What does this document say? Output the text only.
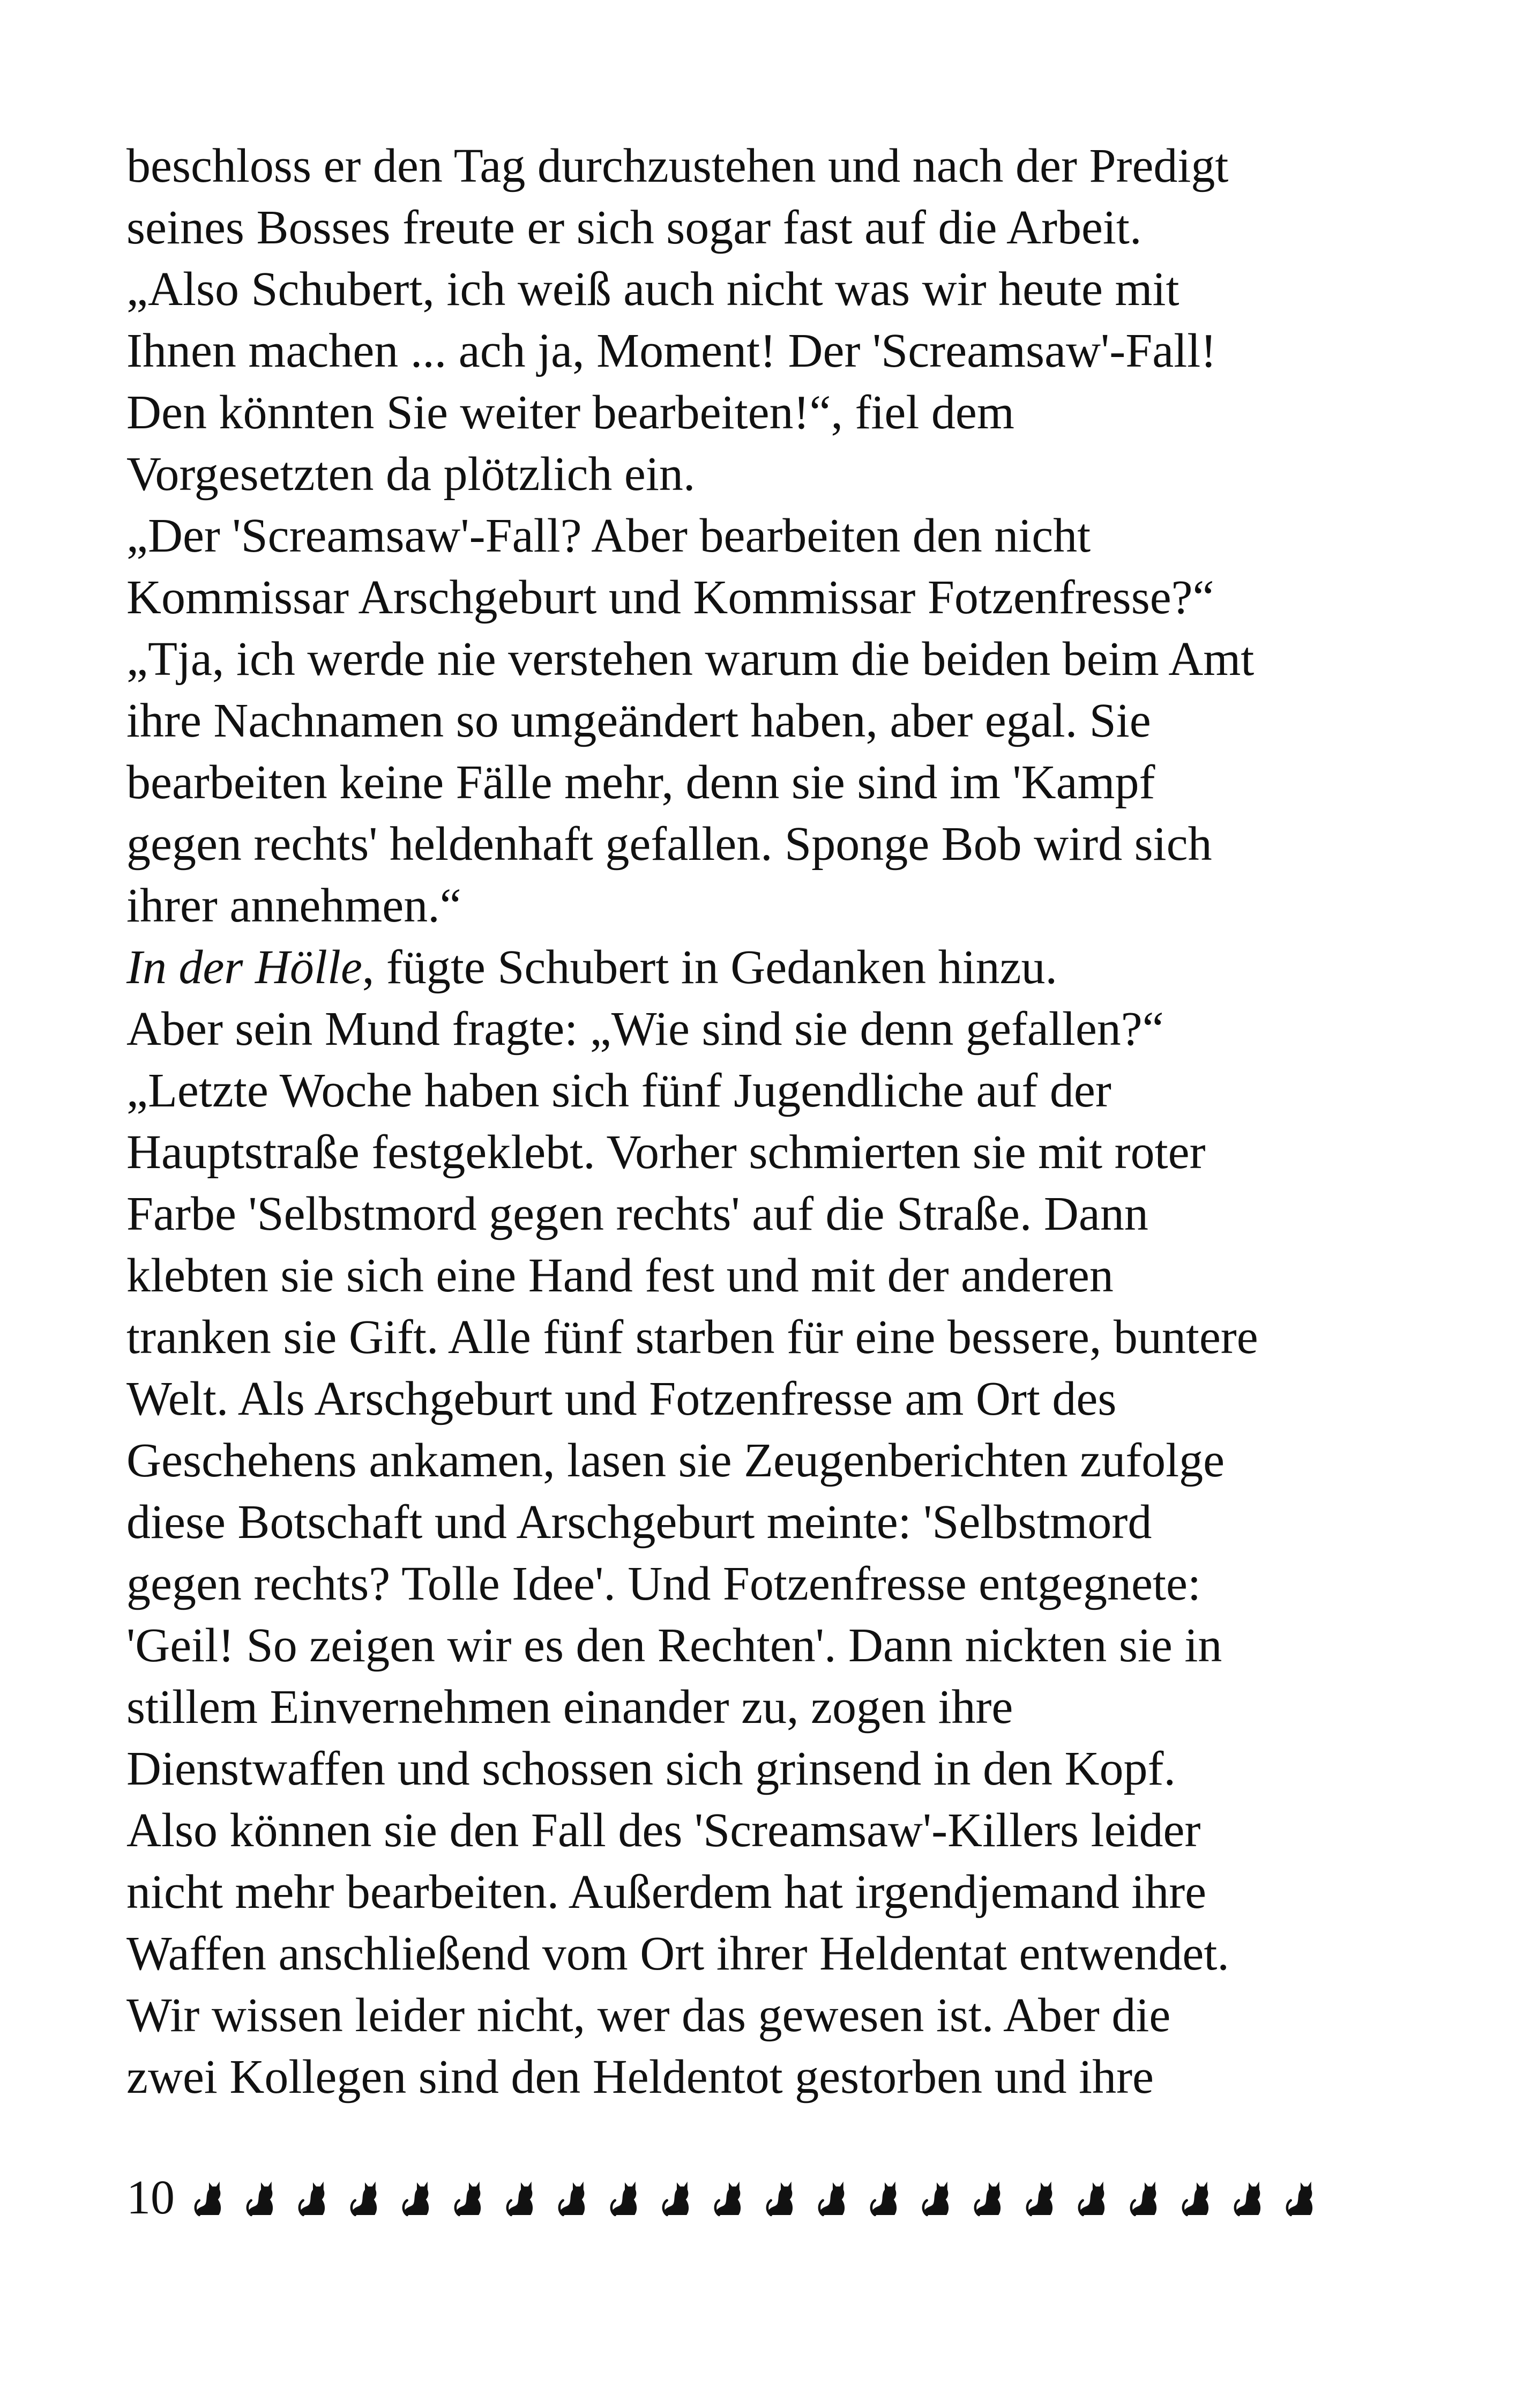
beschloss er den Tag durchzustehen und nach der Predigt
seines Bosses freute er sich sogar fast auf die Arbeit.
„Also Schubert, ich weiß auch nicht was wir heute mit
Ihnen machen ... ach ja, Moment! Der 'Screamsaw'-Fall!
Den könnten Sie weiter bearbeiten!“, fiel dem
Vorgesetzten da plötzlich ein.
„Der 'Screamsaw'-Fall? Aber bearbeiten den nicht
Kommissar Arschgeburt und Kommissar Fotzenfresse?“
„Tja, ich werde nie verstehen warum die beiden beim Amt
ihre Nachnamen so umgeändert haben, aber egal. Sie
bearbeiten keine Fälle mehr, denn sie sind im 'Kampf
gegen rechts' heldenhaft gefallen. Sponge Bob wird sich
ihrer annehmen.“
In der Hölle, fügte Schubert in Gedanken hinzu.
Aber sein Mund fragte: „Wie sind sie denn gefallen?“
„Letzte Woche haben sich fünf Jugendliche auf der
Hauptstraße festgeklebt. Vorher schmierten sie mit roter
Farbe 'Selbstmord gegen rechts' auf die Straße. Dann
klebten sie sich eine Hand fest und mit der anderen
tranken sie Gift. Alle fünf starben für eine bessere, buntere
Welt. Als Arschgeburt und Fotzenfresse am Ort des
Geschehens ankamen, lasen sie Zeugenberichten zufolge
diese Botschaft und Arschgeburt meinte: 'Selbstmord
gegen rechts? Tolle Idee'. Und Fotzenfresse entgegnete:
'Geil! So zeigen wir es den Rechten'. Dann nickten sie in
stillem Einvernehmen einander zu, zogen ihre
Dienstwaffen und schossen sich grinsend in den Kopf.
Also können sie den Fall des 'Screamsaw'-Killers leider
nicht mehr bearbeiten. Außerdem hat irgendjemand ihre
Waffen anschließend vom Ort ihrer Heldentat entwendet.
Wir wissen leider nicht, wer das gewesen ist. Aber die
zwei Kollegen sind den Heldentot gestorben und ihre
10
